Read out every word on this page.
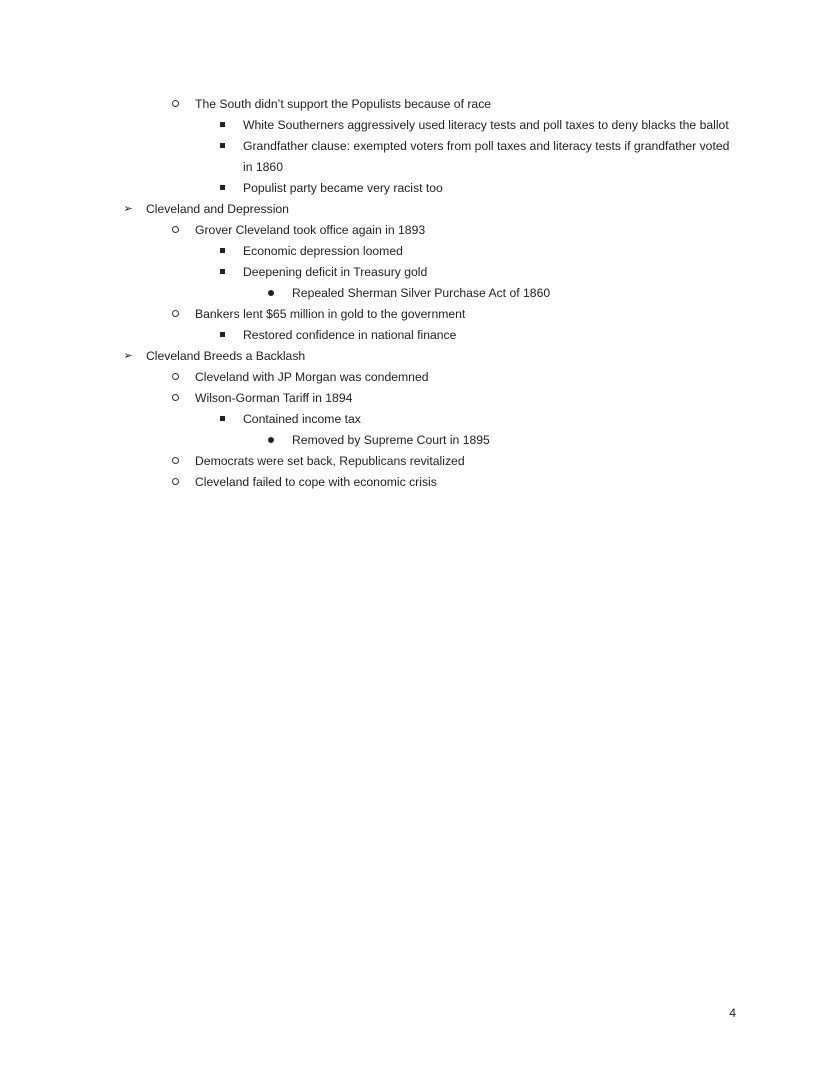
The South didn’t support the Populists because of race
White Southerners aggressively used literacy tests and poll taxes to deny blacks the ballot
Grandfather clause: exempted voters from poll taxes and literacy tests if grandfather voted
in 1860
Populist party became very racist too
➢ Cleveland and Depression
Grover Cleveland took office again in 1893
Economic depression loomed
Deepening deficit in Treasury gold
Repealed Sherman Silver Purchase Act of 1860
Bankers lent $65 million in gold to the government
Restored confidence in national finance
➢ Cleveland Breeds a Backlash
Cleveland with JP Morgan was condemned
Wilson-Gorman Tariff in 1894
Contained income tax
Removed by Supreme Court in 1895
Democrats were set back, Republicans revitalized
Cleveland failed to cope with economic crisis
4
